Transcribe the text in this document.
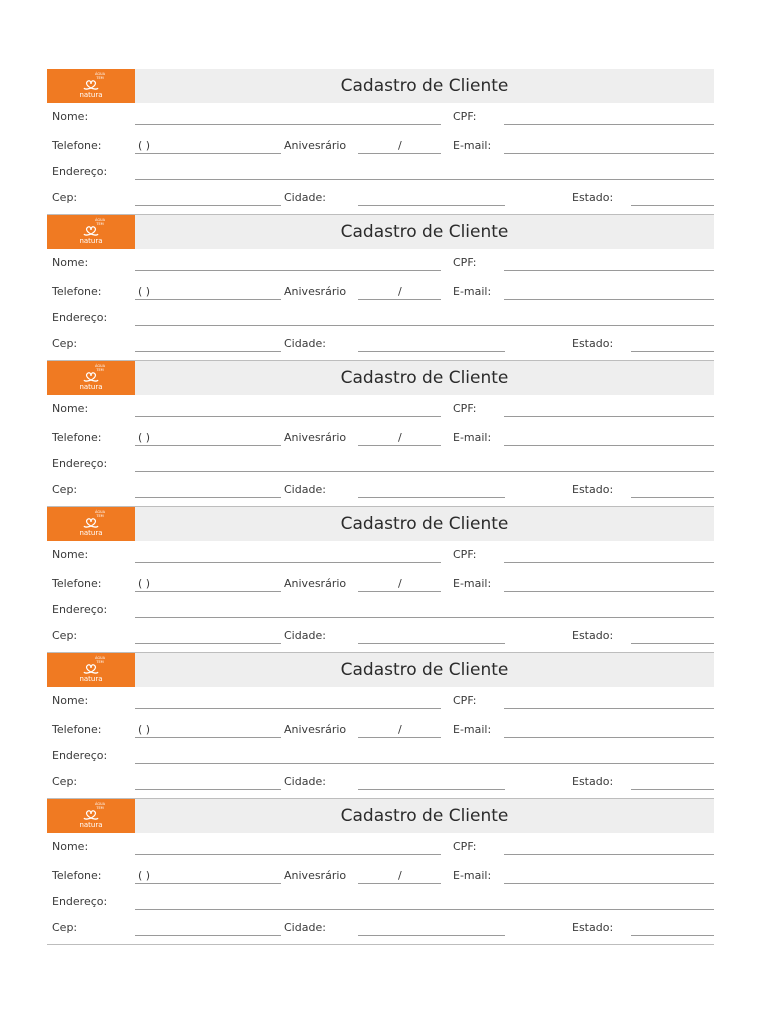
ÁGUA
TEM
natura	Cadastro de Cliente
Nome:	CPF:
Telefone:	( )	Anivesrário	/	E-mail:
Endereço:
Cep:	Cidade:	Estado:
ÁGUA
TEM
natura	Cadastro de Cliente
Nome:	CPF:
Telefone:	( )	Anivesrário	/	E-mail:
Endereço:
Cep:	Cidade:	Estado:
ÁGUA
TEM
natura	Cadastro de Cliente
Nome:	CPF:
Telefone:	( )	Anivesrário	/	E-mail:
Endereço:
Cep:	Cidade:	Estado:
ÁGUA
TEM
natura	Cadastro de Cliente
Nome:	CPF:
Telefone:	( )	Anivesrário	/	E-mail:
Endereço:
Cep:	Cidade:	Estado:
ÁGUA
TEM
natura	Cadastro de Cliente
Nome:	CPF:
Telefone:	( )	Anivesrário	/	E-mail:
Endereço:
Cep:	Cidade:	Estado:
ÁGUA
TEM
natura	Cadastro de Cliente
Nome:	CPF:
Telefone:	( )	Anivesrário	/	E-mail:
Endereço:
Cep:	Cidade:	Estado:
